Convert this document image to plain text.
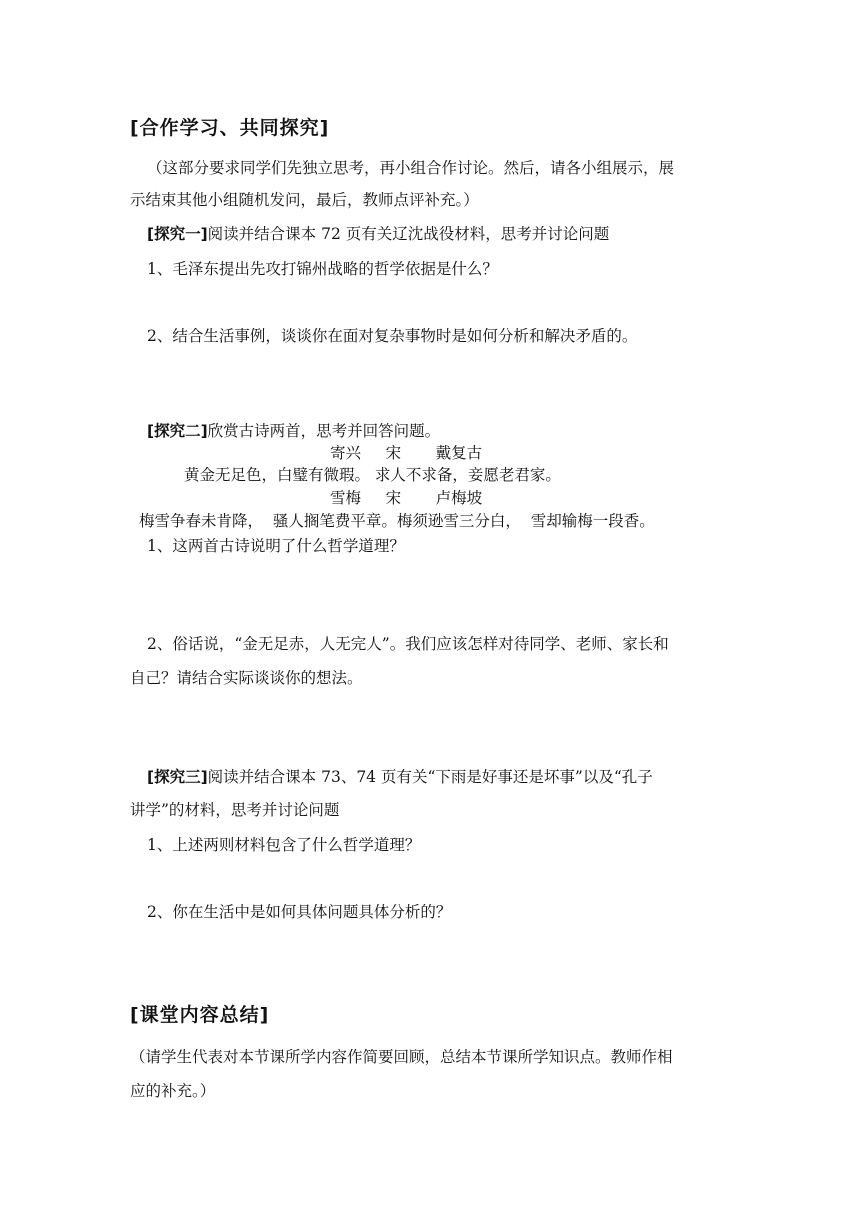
[合作学习、共同探究]
（这部分要求同学们先独立思考，再小组合作讨论。然后，请各小组展示，展
示结束其他小组随机发问，最后，教师点评补充。）
[探究一]阅读并结合课本 72 页有关辽沈战役材料，思考并讨论问题
1、毛泽东提出先攻打锦州战略的哲学依据是什么？
2、结合生活事例，谈谈你在面对复杂事物时是如何分析和解决矛盾的。
[探究二]欣赏古诗两首，思考并回答问题。
寄兴     宋       戴复古
黄金无足色，白璧有微瑕。 求人不求备，妾愿老君家。
雪梅     宋       卢梅坡
梅雪争春未肯降，  骚人搁笔费平章。梅须逊雪三分白，  雪却输梅一段香。
1、这两首古诗说明了什么哲学道理？
2、俗话说，“金无足赤，人无完人”。我们应该怎样对待同学、老师、家长和
自己？请结合实际谈谈你的想法。
[探究三]阅读并结合课本 73、74 页有关“下雨是好事还是坏事”以及“孔子
讲学”的材料，思考并讨论问题
1、上述两则材料包含了什么哲学道理？
2、你在生活中是如何具体问题具体分析的？
[课堂内容总结]
（请学生代表对本节课所学内容作简要回顾，总结本节课所学知识点。教师作相
应的补充。）
